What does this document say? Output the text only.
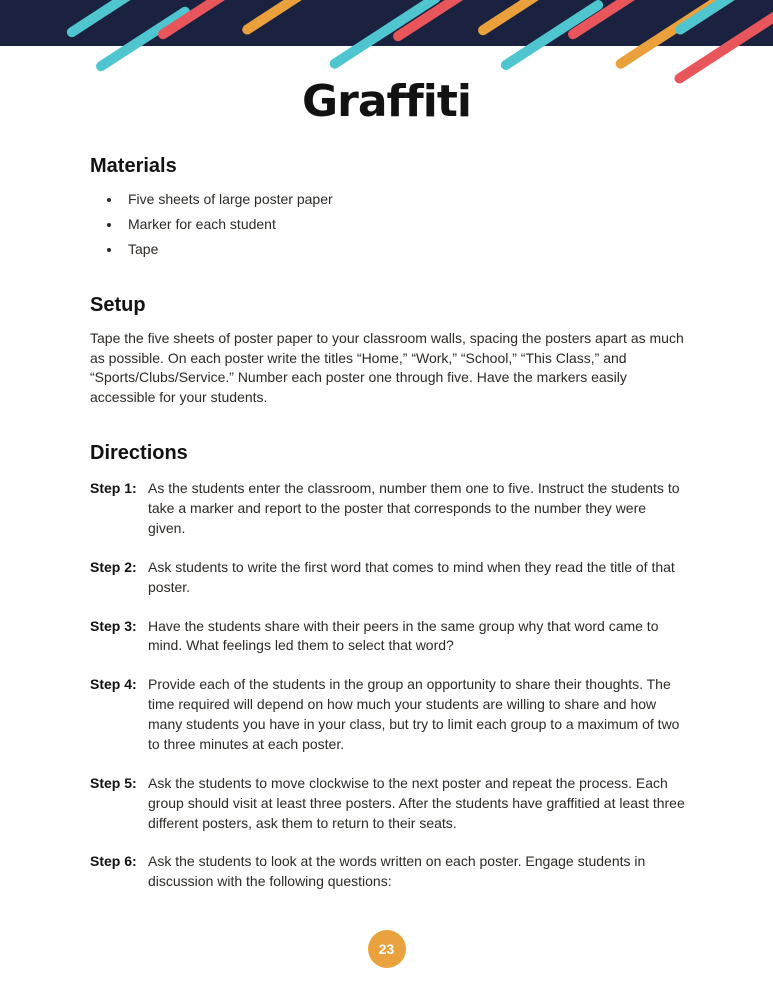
Graffiti
Materials
• Five sheets of large poster paper
• Marker for each student
• Tape
Setup

Tape the five sheets of poster paper to your classroom walls, spacing the posters apart as much as possible. On each poster write the titles “Home,” “Work,” “School,” “This Class,” and “Sports/Clubs/Service.” Number each poster one through five. Have the markers easily accessible for your students.

Directions
Step 1: As the students enter the classroom, number them one to five. Instruct the students to take a marker and report to the poster that corresponds to the number they were given.
Step 2: Ask students to write the first word that comes to mind when they read the title of that poster.
Step 3: Have the students share with their peers in the same group why that word came to mind. What feelings led them to select that word?
Step 4: Provide each of the students in the group an opportunity to share their thoughts. The time required will depend on how much your students are willing to share and how many students you have in your class, but try to limit each group to a maximum of two to three minutes at each poster.
Step 5: Ask the students to move clockwise to the next poster and repeat the process. Each group should visit at least three posters. After the students have graffitied at least three different posters, ask them to return to their seats.
Step 6: Ask the students to look at the words written on each poster. Engage students in discussion with the following questions:
23
